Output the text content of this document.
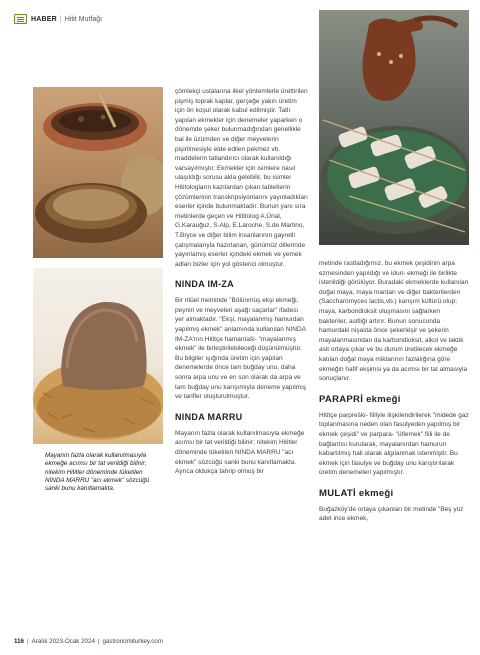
HABER | Hitit Mutfağı
Mayanın fazla olarak kullanılmasıyla ekmeğe acımsı bir tat verildiği bilinir; nitekim Hititler döneminde tüketilen NINDA MARRU "acı ekmek" sözcüğü sanki bunu kanıtlamakta.

çömlekçi ustalarına ilkel yöntemlerle ürettirilen pişmiş toprak kaplar, gerçeğe yakın üretim için ön koşul olarak kabul edilmiştir. Tatlı yapılan ekmekler için denemeler yaparken o dönemde şeker bulunmadığından genellikle bal ile üzümden ve diğer meyvelerin pişirilmesiyle elde edilen pekmez vb. maddelerin tatlandırıcı olarak kullanıldığı varsayılmıştır. Ekmekler için isimlere nasıl ulaşıldığı sorusu akla gelebilir, bu isimler Hititologların kazılardan çıkan tabletlerin çözümlerinin transkripsiyonlarını yayınladıkları eserler içinde bulunmaktadır. Bunun yanı sıra metinlerde geçen ve Hititolog A.Ünal, G.Karauğuz, S.Alp, E.Laroche, S.de Martino, T.Bryce ve diğer bilim insanlarının gayretli çalışmalarıyla hazırlanan, günümüz dillerinde yayınlamış eserler içindeki ekmek ve yemek adları bizler için yol gösterici olmuştur.

NINDA IM-ZA

Bir ritüel metninde "Bölünmüş ekşi ekmeği, peyniri ve meyveleri aşağı saçarlar" ifadesi yer almaktadır. "Ekşi, mayalanmış hamurdan yapılmış ekmek" anlamında kullanılan NINDA IM-ZA'nın Hititçe hamantaši- "mayalanmış ekmek" ile birleştirilebileceği düşünülmüştür. Bu bilgiler ışığında üretim için yapılan denemelerde önce tam buğday unu, daha sonra arpa unu ve en son olarak da arpa ve tam buğday unu karışımıyla deneme yapılmış ve tarifler oluşturulmuştur.

NINDA MARRU

Mayanın fazla olarak kullanılmasıyla ekmeğe acımsı bir tat verildiği bilinir; nitekim Hititler döneminde tüketilen NINDA MARRU "acı ekmek" sözcüğü sanki bunu kanıtlamakta. Ayrıca oldukça tahrip olmuş bir

metinde rastladığımız, bu ekmek çeşidinin arpa ezmesinden yapıldığı ve iduri- ekmeği ile birlikte istenildiği görülüyor. Buradaki ekmeklerde kullanılan doğal maya, maya mantarı ve diğer bakterilerden (Saccharomyces lactis,vb.) karışım kültürü olup; maya, karbondioksit oluşmasını sağlarken bakteriler, asitliği artırır. Bunun sonucunda hamurdaki nişasta önce şekerleşir ve şekerin mayalanmasından da karbondioksit, alkol ve laktik asit ortaya çıkar ve bu durum üretilecek ekmeğe katılan doğal maya miktarının fazlalığına göre ekmeğin hafif ekşimsi ya da acımsı bir tat almasıyla sonuçlanır.

PARAPRİ ekmeği

Hititçe parpreški- fiiliyle ilişkilendirilerek "midede gaz toplanmasına neden olan fasulyeden yapılmış bir ekmek çeşidi" ve parpara- "üflemek" fiili ile de bağlantısı kurularak, mayalanırdan hamurun kabartılmış hali olarak algılanmak istenmiştir. Bu ekmek için fasulye ve buğday unu karıştırılarak üretim denemeleri yapılmıştır.

MULATİ ekmeği

Boğazköy'de ortaya çıkanları bir metinde "Beş yüz adet ince ekmek,

116 | Aralık 2023-Ocak 2024 | gastronomiturkey.com
